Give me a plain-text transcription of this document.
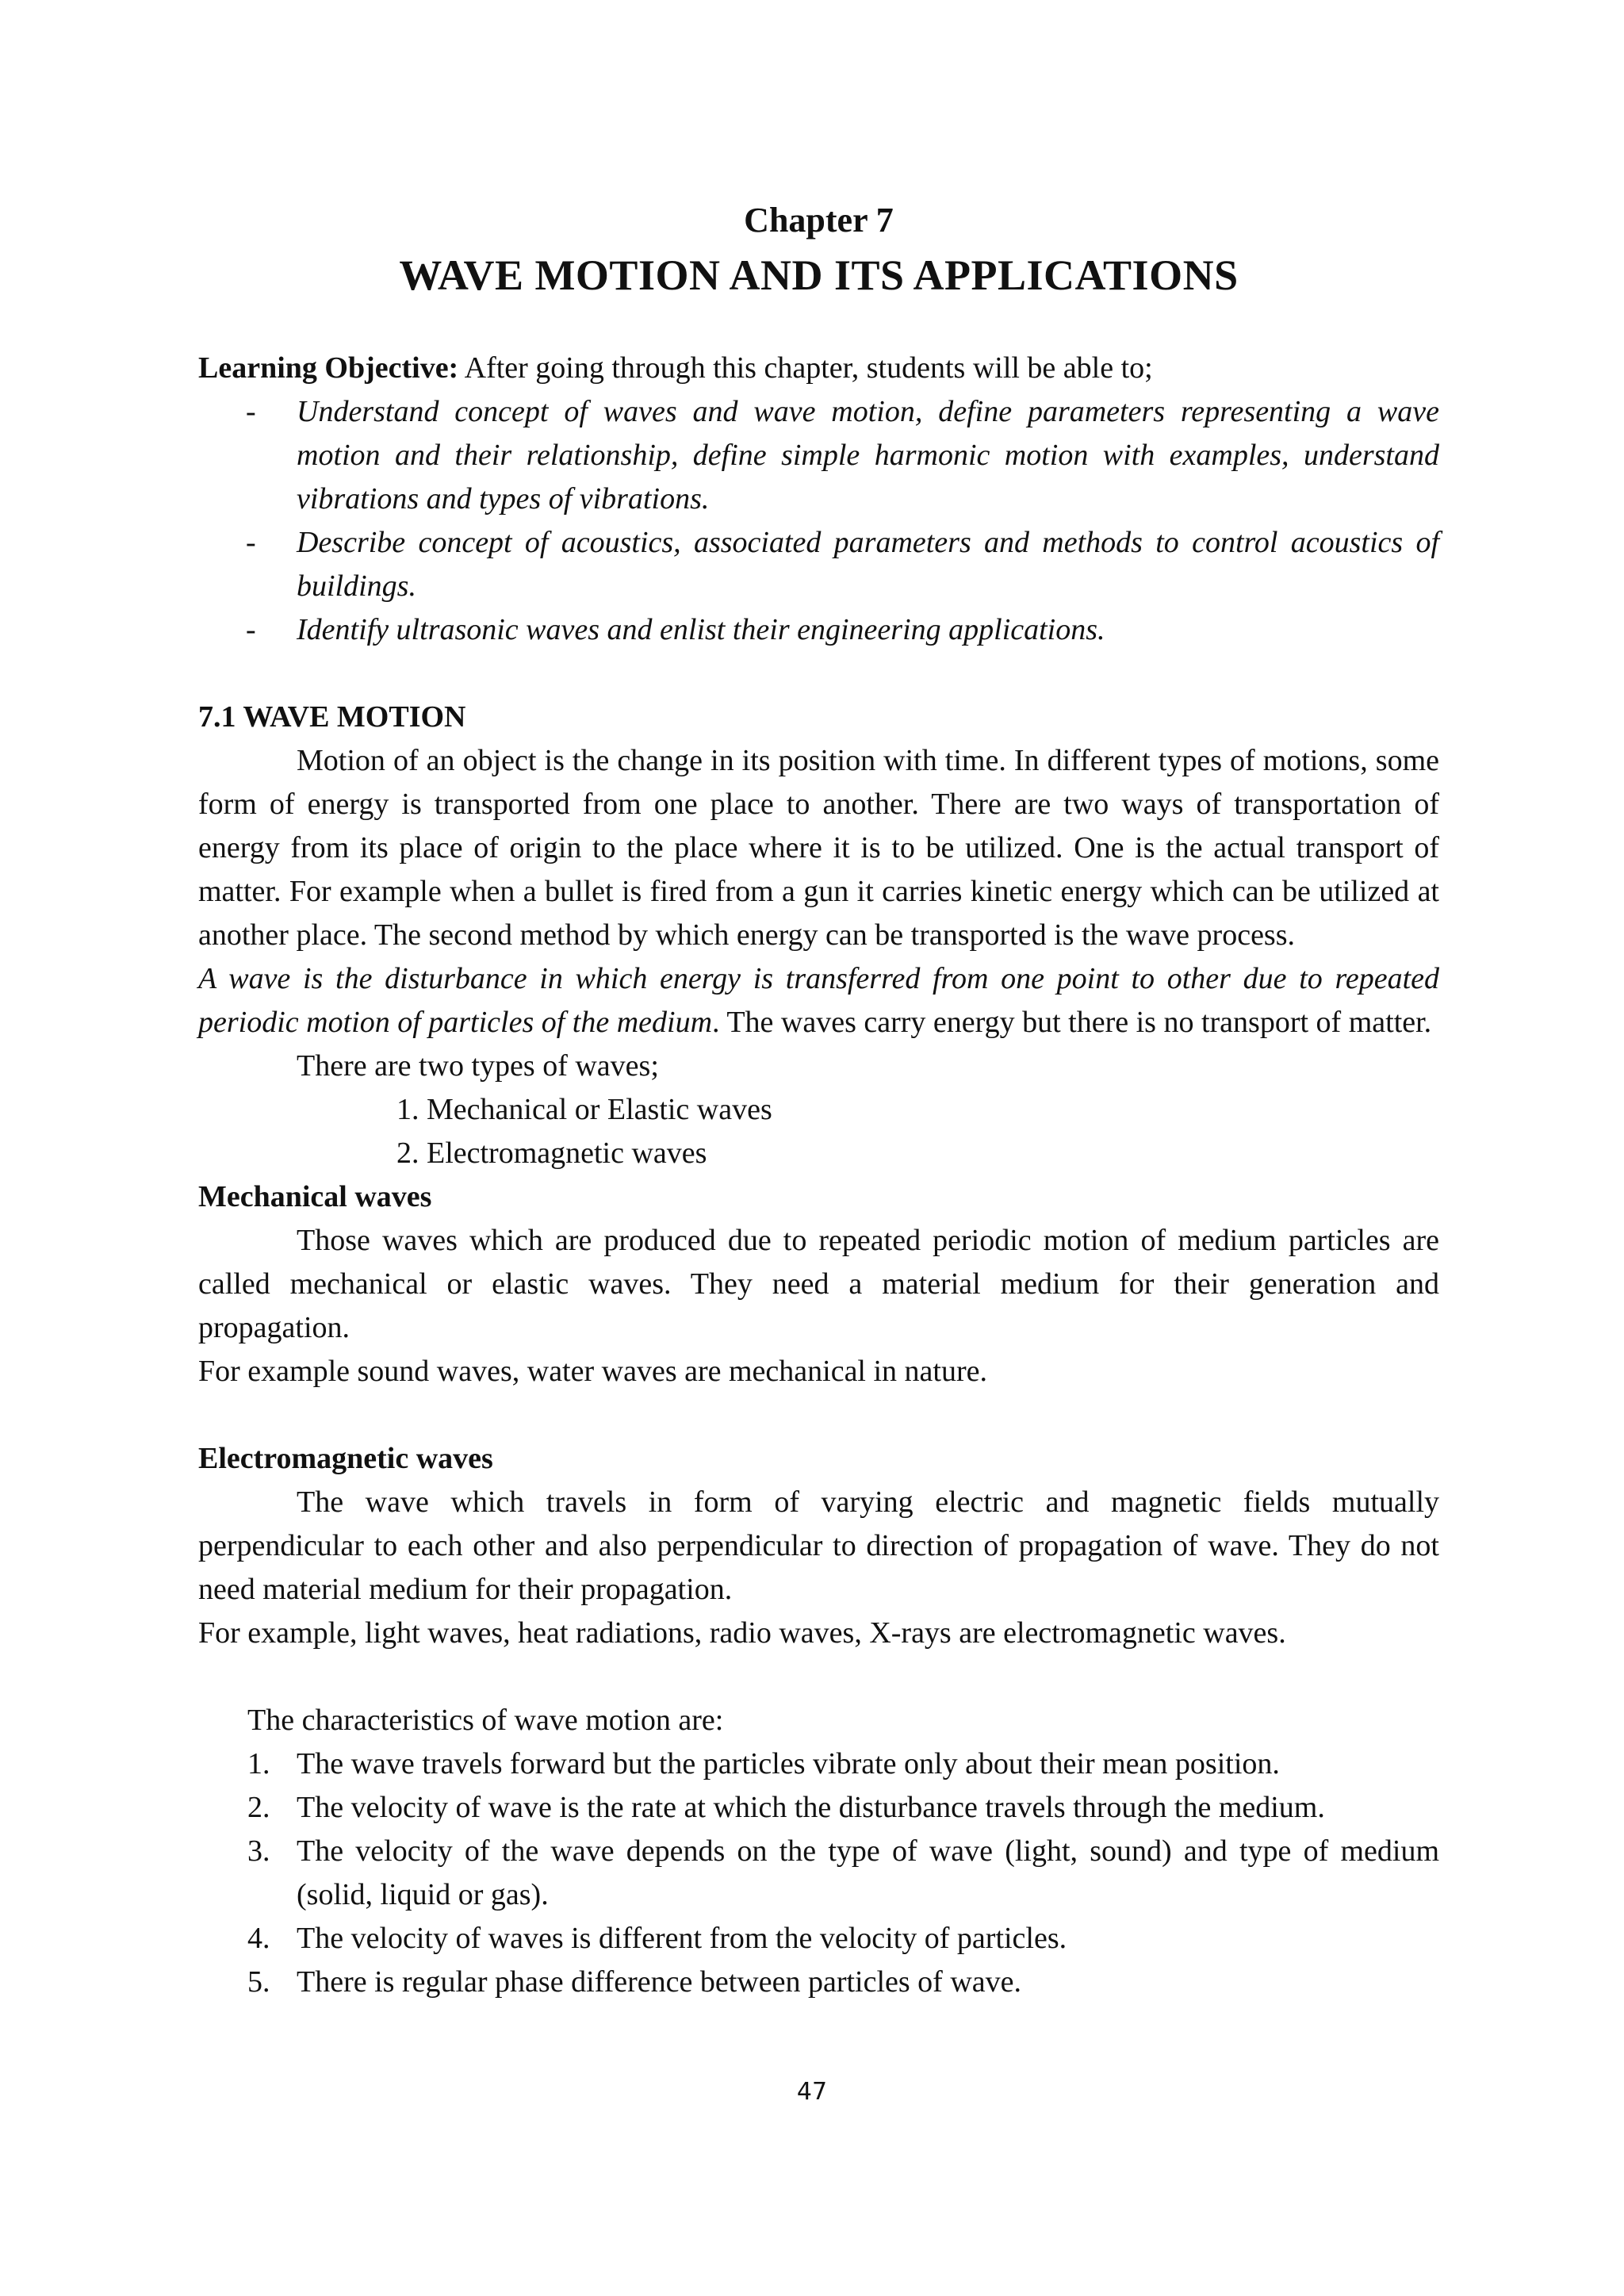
Chapter 7
WAVE MOTION AND ITS APPLICATIONS

Learning Objective: After going through this chapter, students will be able to;

- Understand concept of waves and wave motion, define parameters representing a wave motion and their relationship, define simple harmonic motion with examples, understand vibrations and types of vibrations.
- Describe concept of acoustics, associated parameters and methods to control acoustics of buildings.
- Identify ultrasonic waves and enlist their engineering applications.

7.1 WAVE MOTION

Motion of an object is the change in its position with time. In different types of motions, some form of energy is transported from one place to another. There are two ways of transportation of energy from its place of origin to the place where it is to be utilized. One is the actual transport of matter. For example when a bullet is fired from a gun it carries kinetic energy which can be utilized at another place. The second method by which energy can be transported is the wave process.

A wave is the disturbance in which energy is transferred from one point to other due to repeated periodic motion of particles of the medium. The waves carry energy but there is no transport of matter.

There are two types of waves;

1. Mechanical or Elastic waves

2. Electromagnetic waves

Mechanical waves

Those waves which are produced due to repeated periodic motion of medium particles are called mechanical or elastic waves. They need a material medium for their generation and propagation.

For example sound waves, water waves are mechanical in nature.

Electromagnetic waves

The wave which travels in form of varying electric and magnetic fields mutually perpendicular to each other and also perpendicular to direction of propagation of wave. They do not need material medium for their propagation.

For example, light waves, heat radiations, radio waves, X-rays are electromagnetic waves.

The characteristics of wave motion are:

1. The wave travels forward but the particles vibrate only about their mean position.
2. The velocity of wave is the rate at which the disturbance travels through the medium.
3. The velocity of the wave depends on the type of wave (light, sound) and type of medium (solid, liquid or gas).
4. The velocity of waves is different from the velocity of particles.
5. There is regular phase difference between particles of wave.
47
